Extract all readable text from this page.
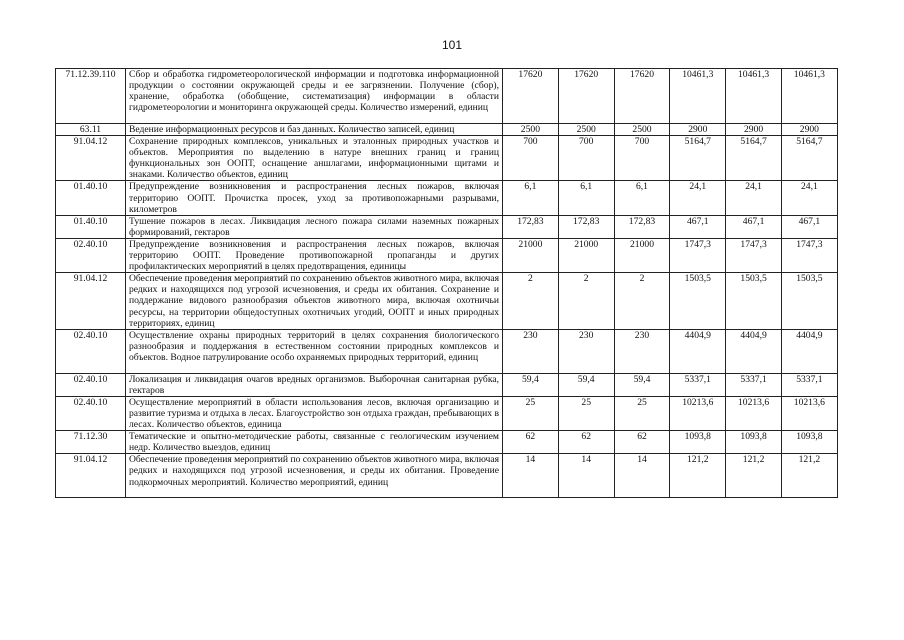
101
71.12.39.110	Сбор и обработка гидрометеорологической информации и подготовка информационной продукции о состоянии окружающей среды и ее загрязнении. Получение (сбор), хранение, обработка (обобщение, систематизация) информации в области гидрометеорологии и мониторинга окружающей среды. Количество измерений, единиц	17620	17620	17620	10461,3	10461,3	10461,3
63.11	Ведение информационных ресурсов и баз данных. Количество записей, единиц	2500	2500	2500	2900	2900	2900
91.04.12	Сохранение природных комплексов, уникальных и эталонных природных участков и объектов. Мероприятия по выделению в натуре внешних границ и границ функциональных зон ООПТ, оснащение аншлагами, информационными щитами и знаками. Количество объектов, единиц	700	700	700	5164,7	5164,7	5164,7
01.40.10	Предупреждение возникновения и распространения лесных пожаров, включая территорию ООПТ. Прочистка просек, уход за противопожарными разрывами, километров	6,1	6,1	6,1	24,1	24,1	24,1
01.40.10	Тушение пожаров в лесах. Ликвидация лесного пожара силами наземных пожарных формирований, гектаров	172,83	172,83	172,83	467,1	467,1	467,1
02.40.10	Предупреждение возникновения и распространения лесных пожаров, включая территорию ООПТ. Проведение противопожарной пропаганды и других профилактических мероприятий в целях предотвращения, единицы	21000	21000	21000	1747,3	1747,3	1747,3
91.04.12	Обеспечение проведения мероприятий по сохранению объектов животного мира, включая редких и находящихся под угрозой исчезновения, и среды их обитания. Сохранение и поддержание видового разнообразия объектов животного мира, включая охотничьи ресурсы, на территории общедоступных охотничьих угодий, ООПТ и иных природных территориях, единиц	2	2	2	1503,5	1503,5	1503,5
02.40.10	Осуществление охраны природных территорий в целях сохранения биологического разнообразия и поддержания в естественном состоянии природных комплексов и объектов. Водное патрулирование особо охраняемых природных территорий, единиц	230	230	230	4404,9	4404,9	4404,9
02.40.10	Локализация и ликвидация очагов вредных организмов. Выборочная санитарная рубка, гектаров	59,4	59,4	59,4	5337,1	5337,1	5337,1
02.40.10	Осуществление мероприятий в области использования лесов, включая организацию и развитие туризма и отдыха в лесах. Благоустройство зон отдыха граждан, пребывающих в лесах. Количество объектов, единица	25	25	25	10213,6	10213,6	10213,6
71.12.30	Тематические и опытно-методические работы, связанные с геологическим изучением недр. Количество выездов, единиц	62	62	62	1093,8	1093,8	1093,8
91.04.12	Обеспечение проведения мероприятий по сохранению объектов животного мира, включая редких и находящихся под угрозой исчезновения, и среды их обитания. Проведение подкормочных мероприятий. Количество мероприятий, единиц	14	14	14	121,2	121,2	121,2
